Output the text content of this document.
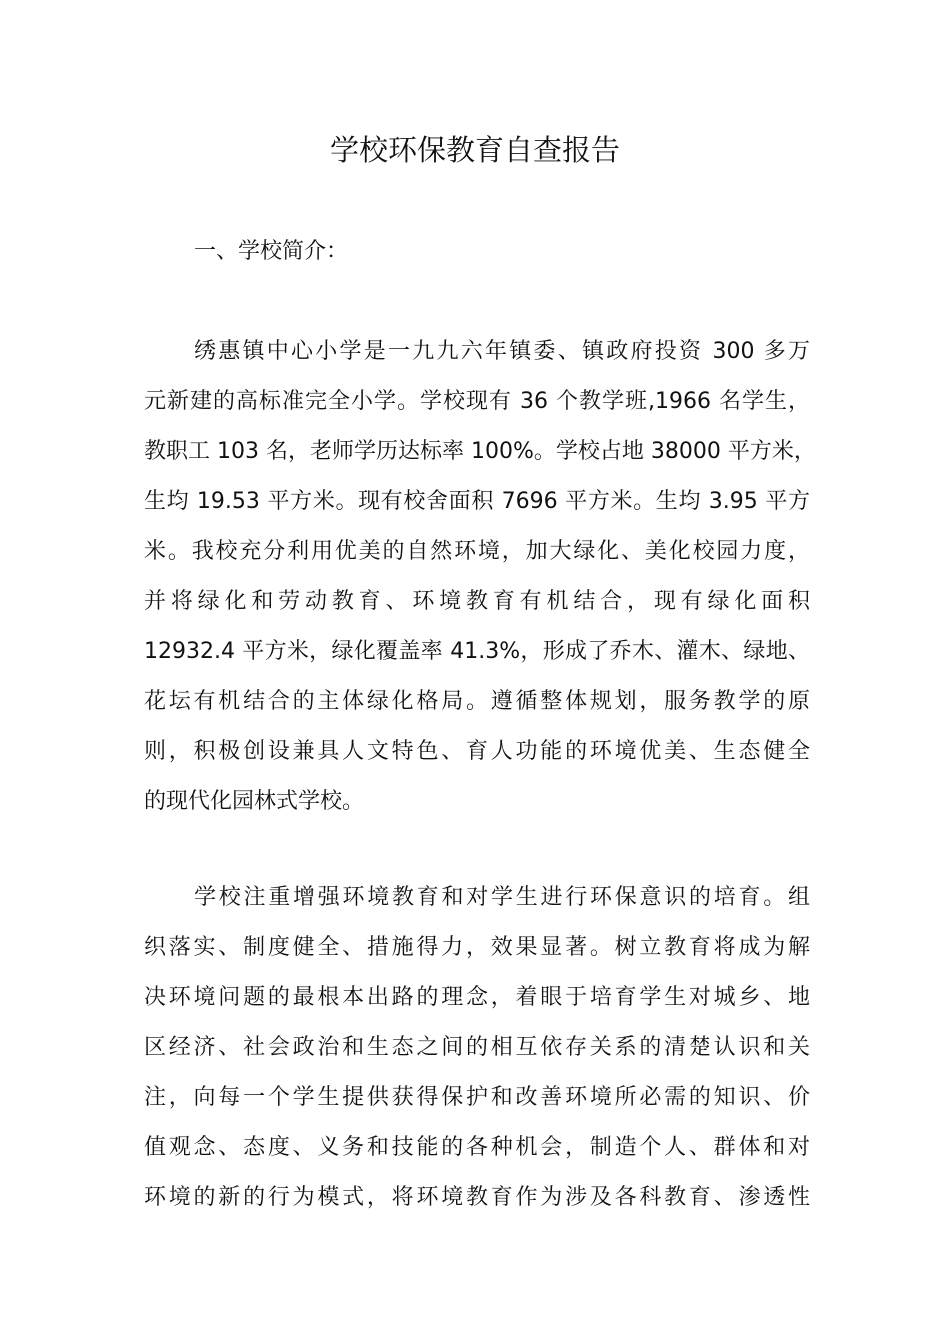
学校环保教育自查报告
一、学校简介：
绣惠镇中心小学是一九九六年镇委、镇政府投资 300 多万
元新建的高标准完全小学。学校现有 36 个教学班,1966 名学生，
教职工 103 名，老师学历达标率 100%。学校占地 38000 平方米，
生均 19.53 平方米。现有校舍面积 7696 平方米。生均 3.95 平方
米。我校充分利用优美的自然环境，加大绿化、美化校园力度，
并将绿化和劳动教育、环境教育有机结合，现有绿化面积
12932.4 平方米，绿化覆盖率 41.3%，形成了乔木、灌木、绿地、
花坛有机结合的主体绿化格局。遵循整体规划，服务教学的原
则，积极创设兼具人文特色、育人功能的环境优美、生态健全
的现代化园林式学校。
学校注重增强环境教育和对学生进行环保意识的培育。组
织落实、制度健全、措施得力，效果显著。树立教育将成为解
决环境问题的最根本出路的理念，着眼于培育学生对城乡、地
区经济、社会政治和生态之间的相互依存关系的清楚认识和关
注，向每一个学生提供获得保护和改善环境所必需的知识、价
值观念、态度、义务和技能的各种机会，制造个人、群体和对
环境的新的行为模式，将环境教育作为涉及各科教育、渗透性
